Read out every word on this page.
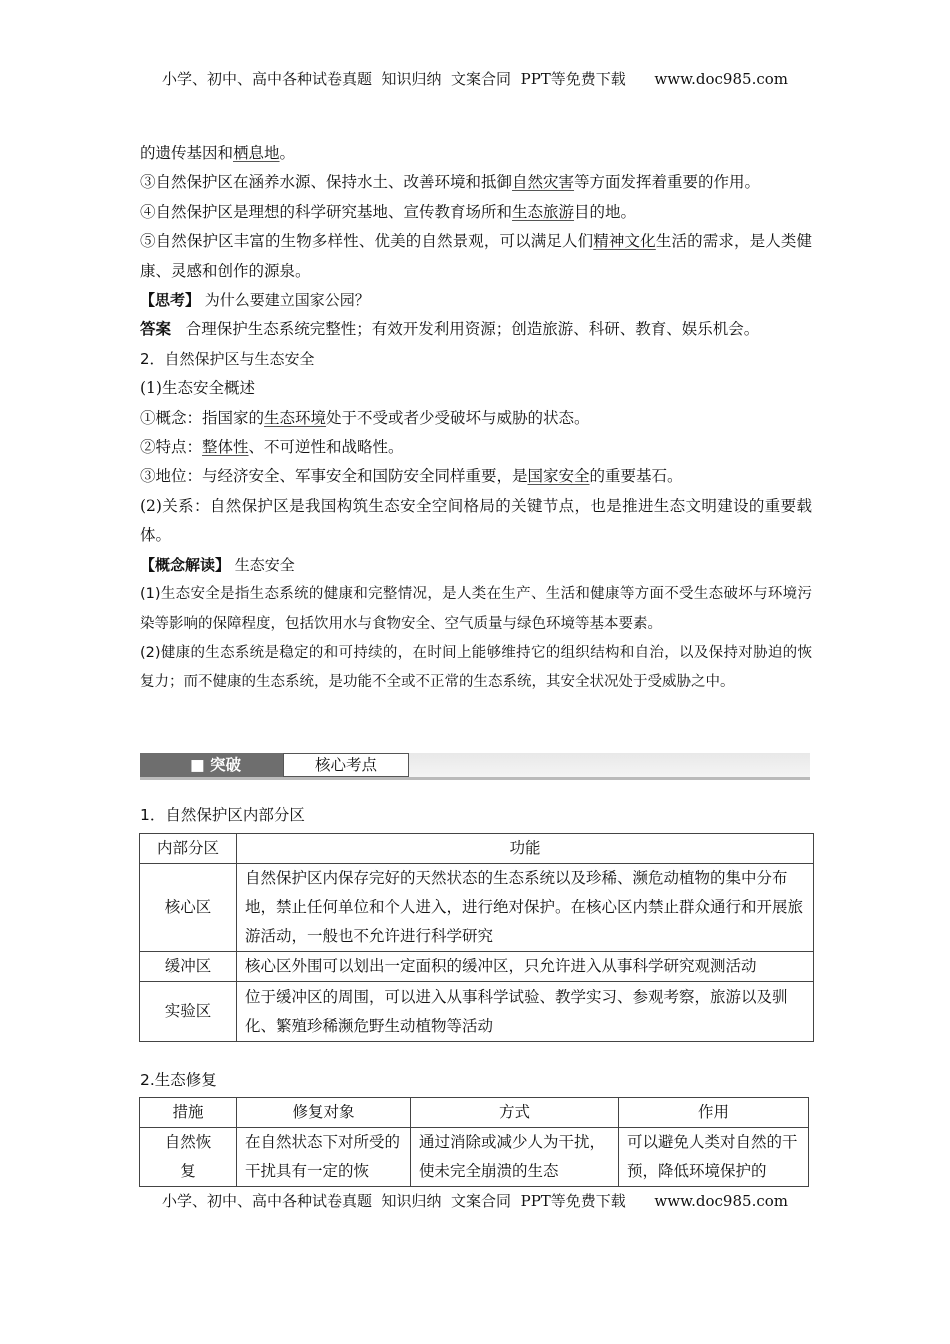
小学、初中、高中各种试卷真题  知识归纳  文案合同  PPT等免费下载      www.doc985.com

的遗传基因和栖息地。

③自然保护区在涵养水源、保持水土、改善环境和抵御自然灾害等方面发挥着重要的作用。

④自然保护区是理想的科学研究基地、宣传教育场所和生态旅游目的地。

⑤自然保护区丰富的生物多样性、优美的自然景观，可以满足人们精神文化生活的需求，是人类健康、灵感和创作的源泉。

【思考】 为什么要建立国家公园？

答案 合理保护生态系统完整性；有效开发利用资源；创造旅游、科研、教育、娱乐机会。

2．自然保护区与生态安全

(1)生态安全概述

①概念：指国家的生态环境处于不受或者少受破坏与威胁的状态。

②特点：整体性、不可逆性和战略性。

③地位：与经济安全、军事安全和国防安全同样重要，是国家安全的重要基石。

(2)关系：自然保护区是我国构筑生态安全空间格局的关键节点，也是推进生态文明建设的重要载体。

【概念解读】 生态安全

(1)生态安全是指生态系统的健康和完整情况，是人类在生产、生活和健康等方面不受生态破坏与环境污染等影响的保障程度，包括饮用水与食物安全、空气质量与绿色环境等基本要素。

(2)健康的生态系统是稳定的和可持续的，在时间上能够维持它的组织结构和自治，以及保持对胁迫的恢复力；而不健康的生态系统，是功能不全或不正常的生态系统，其安全状况处于受威胁之中。

■ 突破	核心考点
1．自然保护区内部分区
内部分区	功能
核心区	自然保护区内保存完好的天然状态的生态系统以及珍稀、濒危动植物的集中分布地，禁止任何单位和个人进入，进行绝对保护。在核心区内禁止群众通行和开展旅游活动，一般也不允许进行科学研究
缓冲区	核心区外围可以划出一定面积的缓冲区，只允许进入从事科学研究观测活动
实验区	位于缓冲区的周围，可以进入从事科学试验、教学实习、参观考察，旅游以及驯化、繁殖珍稀濒危野生动植物等活动
2.生态修复
措施	修复对象	方式	作用
自然恢复	在自然状态下对所受的干扰具有一定的恢	通过消除或减少人为干扰，使未完全崩溃的生态	可以避免人类对自然的干预，降低环境保护的
小学、初中、高中各种试卷真题  知识归纳  文案合同  PPT等免费下载      www.doc985.com
